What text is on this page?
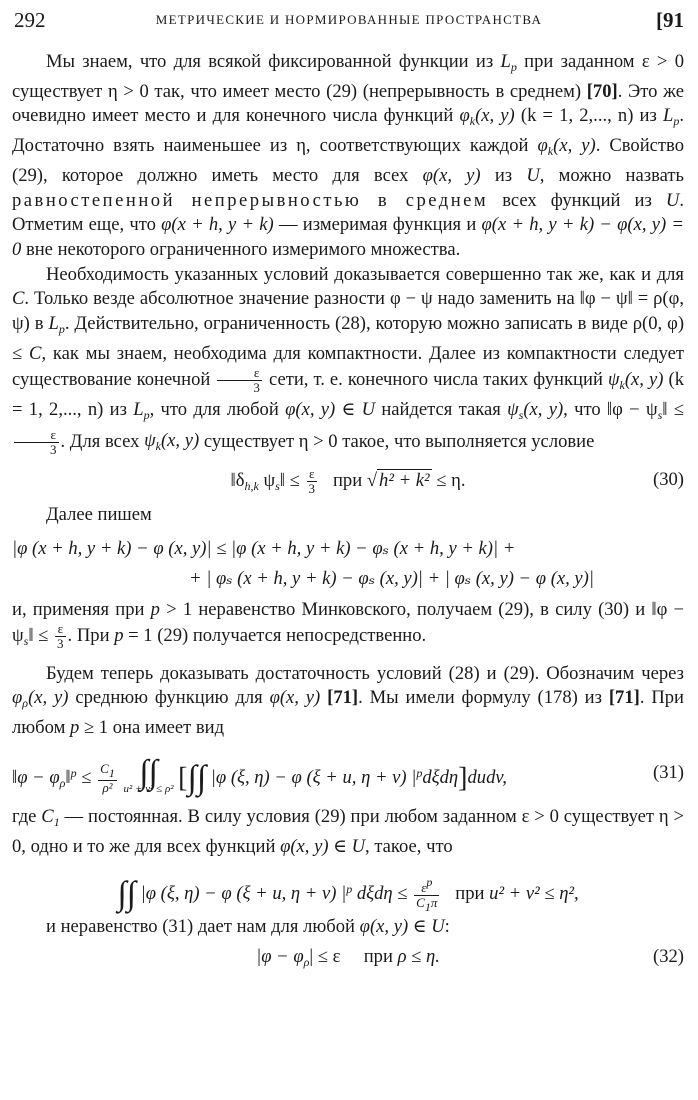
292	МЕТРИЧЕСКИЕ И НОРМИРОВАННЫЕ ПРОСТРАНСТВА	[91

Мы знаем, что для всякой фиксированной функции из $L_p$ при заданном ε > 0 существует η > 0 так, что имеет место (29) (непрерывность в среднем) [70]. Это же очевидно имеет место и для конечного числа функций $\varphi_k(x$, y) (k = 1, 2,..., n) из $L_p$. Достаточно взять наименьшее из η, соответствующих каждой $\varphi_k(x$, y). Свойство (29), которое должно иметь место для всех φ(x, y) из U, можно назвать равностепенной непрерывностью в среднем всех функций из U. Отметим еще, что φ(x + h, y + k) — измеримая функция и φ(x + h, y + k) − φ(x, y) = 0 вне некоторого ограниченного измеримого множества.

Необходимость указанных условий доказывается совершенно так же, как и для C. Только везде абсолютное значение разности φ − ψ надо заменить на ‖φ − ψ‖ = ρ(φ, ψ) в $L_p$. Действительно, ограниченность (28), которую можно записать в виде ρ(0, φ) ≤ C, как мы знаем, необходима для компактности. Далее из компактности следует существование конечной $\frac{\varepsilon}{3}$ сети, т. е. конечного числа таких функций $\psi_k(x$, y) (k = 1, 2,..., n) из $L_p$, что для любой φ(x, y) ∈ U найдется такая $\psi_s(x$, y), что ‖φ − $\psi_s‖$ ≤
$\frac{\varepsilon}{3}$ . Для всех $\psi_k(x$, y) существует η > 0 такое, что выполняется условие

$‖\delta_{h,k}$ $\psi_s‖ \le \frac{\varepsilon}{3}$ при √ h² + k² ≤ η.	(30)

Далее пишем

|φ (x + h, y + k) − φ (x, y)| ≤ |φ (x + h, y + k) − φₛ (x + h, y + k)| +
+ | φₛ (x + h, y + k) − φₛ (x, y)| + | φₛ (x, y) − φ (x, y)|

и, применяя при p > 1 неравенство Минковского, получаем (29), в силу (30) и ‖φ − $\psi_s‖ \le \frac{\varepsilon}{3}$ . При p = 1 (29) получается непосредственно.

Будем теперь доказывать достаточность условий (28) и (29). Обозначим через $\varphi_\rho(x$, y) среднюю функцию для φ(x, y) [71]. Мы имели формулу (178) из [71]. При любом p ≥ 1 она имеет вид

‖φ − $\varphi_\rho‖^p \le \frac{C1}{\text{ρ²}}$ ∫∫
u² + v² ≤ ρ² [∫∫ |φ (ξ, η) − φ (ξ + u, η + v) $|^pd\xi d\eta]dudv$,	(31)

где $C_1$ — постоянная. В силу условия (29) при любом заданном ε > 0 существует η > 0, одно и то же для всех функций φ(x, y) ∈ U, такое, что

∫∫ |φ (ξ, η) − φ (ξ + u, η + v) $|^p$ $d\xi d\eta \le \frac{\varepsilon p}{C1\pi}$ при u² + v² ≤ η²,

и неравенство (31) дает нам для любой φ(x, y) ∈ U:

$|\varphi - \varphi_\rho| \le \varepsilon$ при ρ ≤ η.	(32)
